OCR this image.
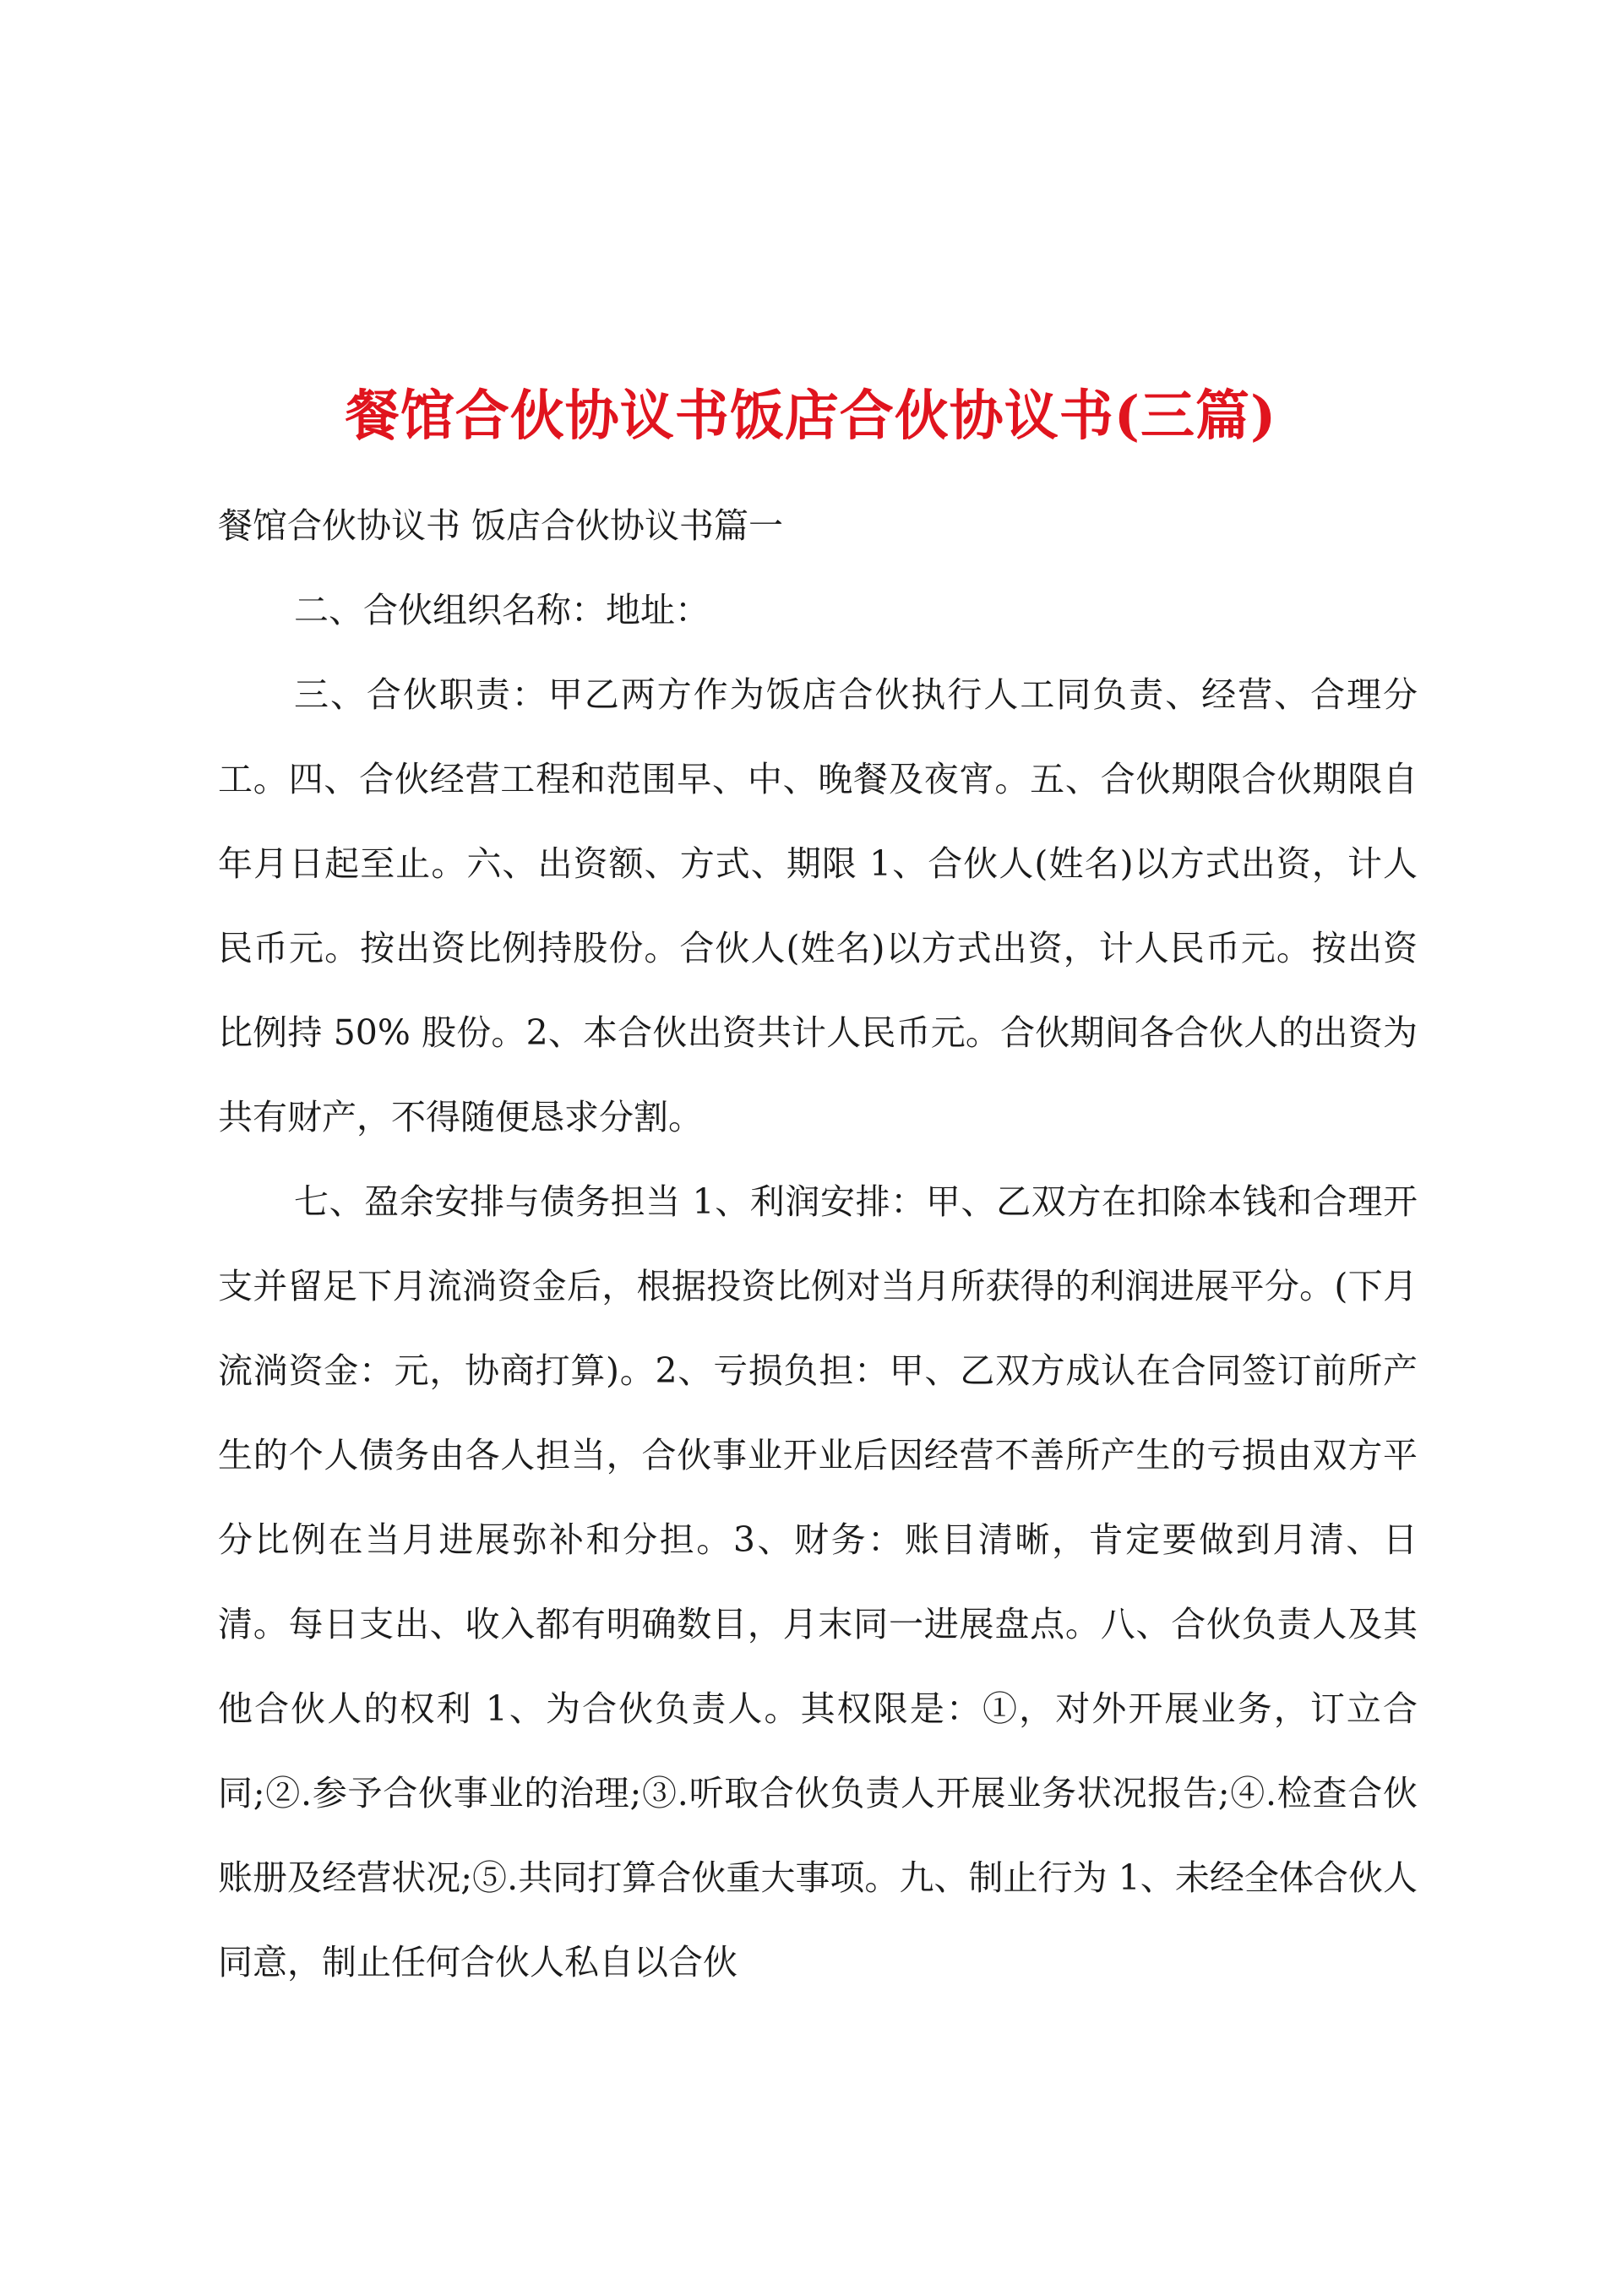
餐馆合伙协议书饭店合伙协议书(三篇)

餐馆合伙协议书 饭店合伙协议书篇一

二、合伙组织名称：地址：

三、合伙职责：甲乙两方作为饭店合伙执行人工同负责、经营、合理分工。四、合伙经营工程和范围早、中、晚餐及夜宵。五、合伙期限合伙期限自年月日起至止。六、出资额、方式、期限 1、合伙人(姓名)以方式出资，计人民币元。按出资比例持股份。合伙人(姓名)以方式出资，计人民币元。按出资比例持 50% 股份。2、本合伙出资共计人民币元。合伙期间各合伙人的出资为共有财产，不得随便恳求分割。

七、盈余安排与债务担当 1、利润安排：甲、乙双方在扣除本钱和合理开支并留足下月流淌资金后，根据投资比例对当月所获得的利润进展平分。(下月流淌资金：元，协商打算)。2、亏损负担：甲、乙双方成认在合同签订前所产生的个人债务由各人担当，合伙事业开业后因经营不善所产生的亏损由双方平分比例在当月进展弥补和分担。3、财务：账目清晰，肯定要做到月清、日清。每日支出、收入都有明确数目，月末同一进展盘点。八、合伙负责人及其他合伙人的权利 1、为合伙负责人。其权限是：①，对外开展业务，订立合同;②.参予合伙事业的治理;③.听取合伙负责人开展业务状况报告;④.检查合伙账册及经营状况;⑤.共同打算合伙重大事项。九、制止行为 1、未经全体合伙人同意，制止任何合伙人私自以合伙
